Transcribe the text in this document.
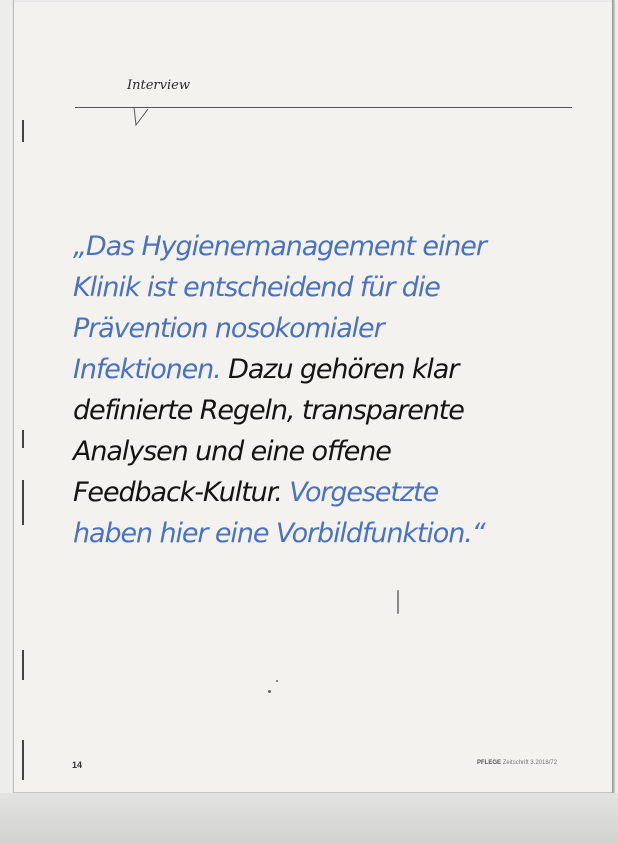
Interview
„Das Hygienemanagement einer
Klinik ist entscheidend für die
Prävention nosokomialer
Infektionen. Dazu gehören klar
definierte Regeln, transparente
Analysen und eine offene
Feedback-Kultur. Vorgesetzte
haben hier eine Vorbildfunktion.“
14	PFLEGE Zeitschrift 3.2018/72
